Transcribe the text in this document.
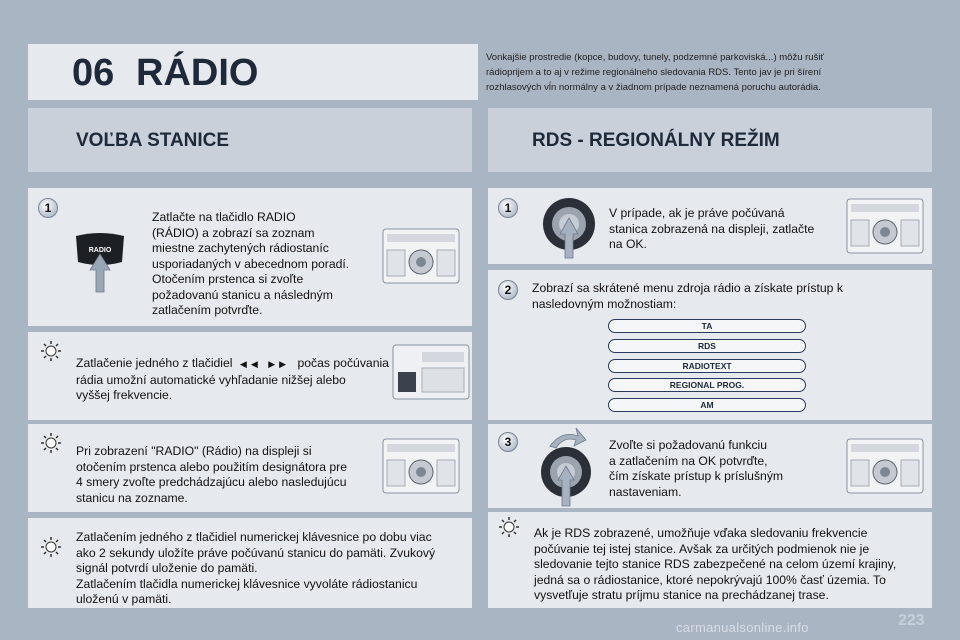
06 RÁDIO	Vonkajšie prostredie (kopce, budovy, tunely, podzemné parkoviská...) môžu rušiť
rádioprijem a to aj v režime regionálneho sledovania RDS. Tento jav je pri šírení
rozhlasových vĺn normálny a v žiadnom prípade neznamená poruchu autorádia.
VOĽBA STANICE	RDS - REGIONÁLNY REŽIM
1
RADIO
Zatlačte na tlačidlo RADIO
(RÁDIO) a zobrazí sa zoznam
miestne zachytených rádiostaníc
usporiadaných v abecednom poradí.
Otočením prstenca si zvoľte
požadovanú stanicu a následným
zatlačením potvrďte.
Zatlačenie jedného z tlačidiel ◀◀ ▶▶ počas počúvania
rádia umožní automatické vyhľadanie nižšej alebo
vyššej frekvencie.
Pri zobrazení "RADIO" (Rádio) na displeji si
otočením prstenca alebo použitím designátora pre
4 smery zvoľte predchádzajúcu alebo nasledujúcu
stanicu na zozname.
Zatlačením jedného z tlačidiel numerickej klávesnice po dobu viac
ako 2 sekundy uložíte práve počúvanú stanicu do pamäti. Zvukový
signál potvrdí uloženie do pamäti.
Zatlačením tlačidla numerickej klávesnice vyvoláte rádiostanicu
uloženú v pamäti.
1	V prípade, ak je práve počúvaná
stanica zobrazená na displeji, zatlačte
na OK.
2	Zobrazí sa skrátené menu zdroja rádio a získate prístup k
nasledovným možnostiam:
TA
RDS
RADIOTEXT
REGIONAL PROG.
AM
3	Zvoľte si požadovanú funkciu
a zatlačením na OK potvrďte,
čím získate prístup k príslušným
nastaveniam.
Ak je RDS zobrazené, umožňuje vďaka sledovaniu frekvencie
počúvanie tej istej stanice. Avšak za určitých podmienok nie je
sledovanie tejto stanice RDS zabezpečené na celom území krajiny,
jedná sa o rádiostanice, ktoré nepokrývajú 100% časť územia. To
vysvetľuje stratu príjmu stanice na prechádzanej trase.
carmanualsonline.info	223
